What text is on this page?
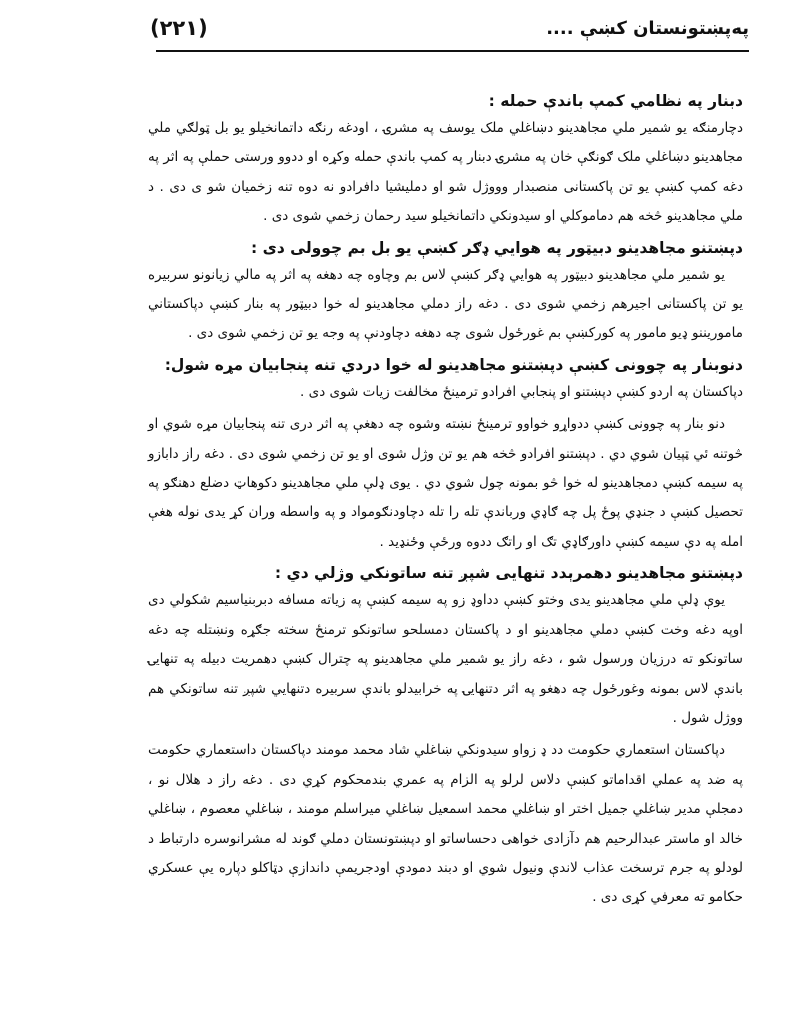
(٢٢١)	پەپښتونستان کښې ....
دبنار په نظامي کمپ باندې حمله :

دچارمنګه یو شمیر ملي مجاهدینو دښاغلي ملک یوسف په مشرۍ ، اودغه رنګه داتمانخیلو یو بل ټولګي ملي مجاهدینو دښاغلي ملک ګونګې خان په مشرۍ دبنار په کمپ باندې حمله وکړه او ددوو ورستی حملې په اثر په دغه کمپ کښې یو تن پاکستانی منصبدار وووژل شو او دملیشیا دافرادو نه دوه تنه زخمیان شو ی دی . د ملي مجاهدینو څخه هم دماموکلي او سیدونکي داتمانخیلو سید رحمان زخمي شوی دی .

دپښتنو مجاهدینو دبیټور په هوایي ډګر کښې یو بل بم چوولی دی :

یو شمیر ملي مجاهدینو دبیټور په هوایي ډګر کښې لاس بم وچاوه چه دهغه په اثر په مالي زیانونو سربیره یو تن پاکستانی اجیرهم زخمي شوی دی . دغه راز دملي مجاهدینو له خوا دبیټور په بنار کښې دپاکستاني ماموریننو ډیو مامور په کورکښې بم غورځول شوی چه دهغه دچاودنې په وجه یو تن زخمي شوی دی .

دنوبنار په چوونی کښې دپښتنو مجاهدینو له خوا دردي تنه پنجابیان مړه شول:

دپاکستان په اردو کښې دپښتنو او پنجابي افرادو ترمینځ مخالفت زیات شوی دی .

دنو بنار په چوونی کښې ددواړو خواوو ترمینځ نښته وشوه چه دهغې په اثر دری تنه پنجابیان مړه شوي او څوتنه ئي ټپیان شوي دي . دپښتنو افرادو څخه هم یو تن وژل شوی او یو تن زخمي شوی دی . دغه راز دابازو په سیمه کښې دمجاهدینو له خوا څو بمونه چول شوي دي . یوی ډلې ملي مجاهدینو دکوهاټ دضلع دهنګو په تحصیل کښې د جنډي پوځ پل چه ګاډي ورباندې تله را تله دچاودنګومواد و په واسطه وران کړ یدی نوله هغې امله په دې سیمه کښې داورګاډي تګ او راتګ ددوه ورځې وځنډید .

دپښتنو مجاهدینو دهمرېدد تنهايی شپږ تنه ساتونکي وژلي دي :

یوې ډلې ملي مجاهدینو یدی وختو کښې دداوډ زو په سیمه کښې په زیاته مسافه دبربنیاسیم شکولي دی اوپه دغه وخت کښې دملي مجاهدینو او د پاکستان دمسلحو ساتونکو ترمنځ سخته جګړه ونښتله چه دغه ساتونکو ته درزیان ورسول شو ، دغه راز یو شمیر ملي مجاهدینو په چترال کښې دهمریت دبیله په تنهایۍ باندې لاس بمونه وغورځول چه دهغو په اثر دتنهایۍ په خرابیدلو باندې سربیره دتنهايي شپږ تنه ساتونکي هم ووژل شول .

دپاکستان استعماري حکومت دد ډ زواو سیدونکي ښاغلي شاد محمد مومند دپاکستان داستعماري حکومت په ضد په عملي اقداماتو کښې دلاس لرلو په الزام په عمري بندمحکوم کړي دی . دغه راز د هلال نو ، دمجلې مدیر ښاغلي جمیل اختر او ښاغلي محمد اسمعیل ښاغلي میراسلم مومند ، ښاغلي معصوم ، ښاغلي خالد او ماستر عبدالرحیم هم دآزادی خواهی دحساساتو او دپښتونستان دملي ګوند له مشرانوسره دارتباط د لودلو په جرم ترسخت عذاب لاندې ونیول شوي او دبند دمودې اودجریمې داندازې دټاکلو دپاره یې عسکري حکامو ته معرفي کړی دی .
